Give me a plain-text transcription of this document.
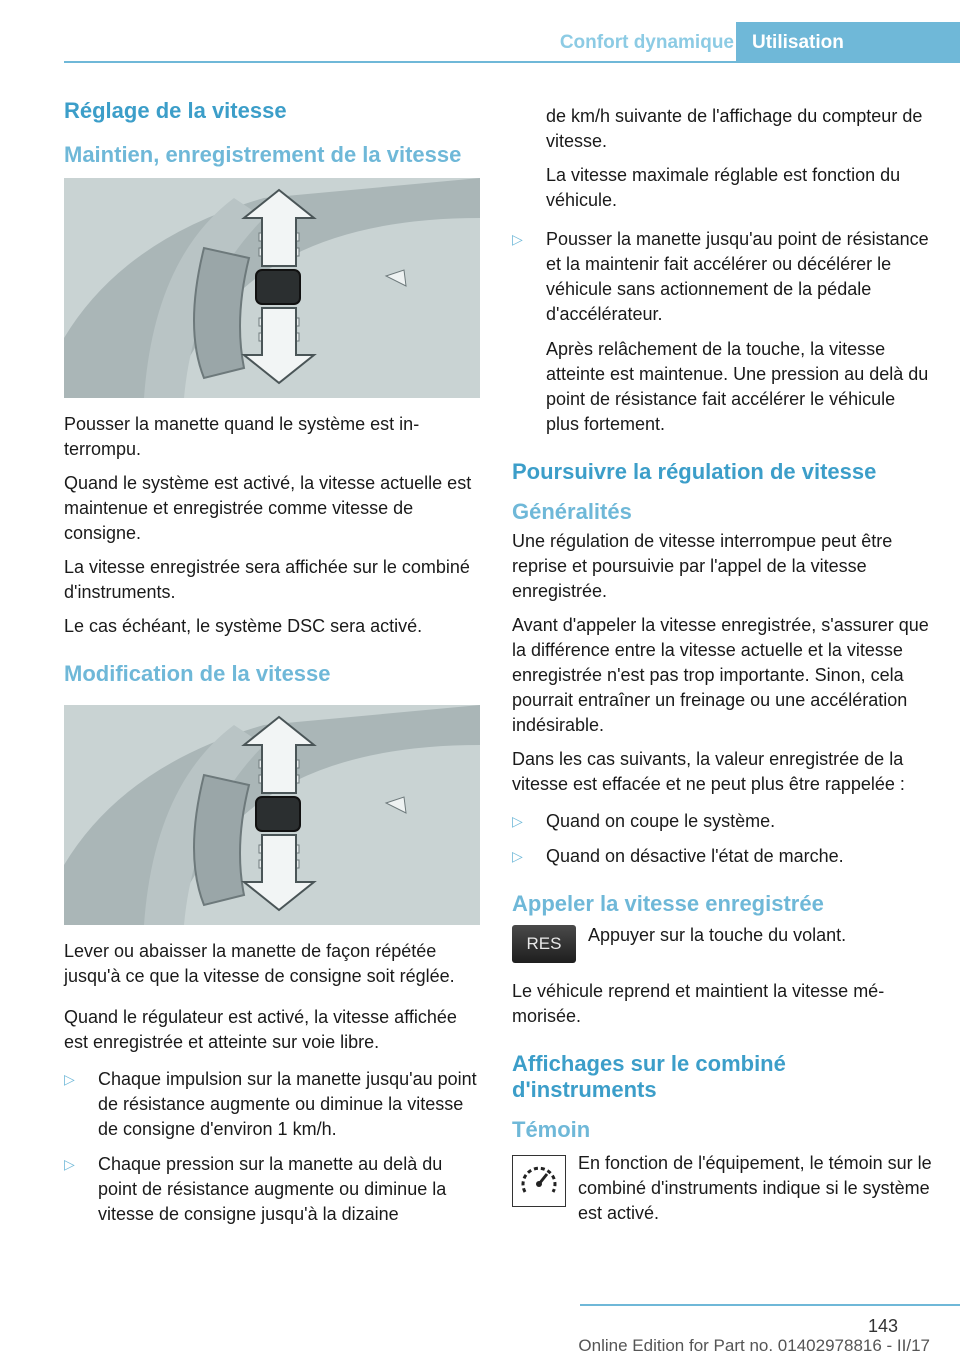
Confort dynamique Utilisation
Réglage de la vitesse
Maintien, enregistrement de la vitesse

Pousser la manette quand le système est interrompu.

Quand le système est activé, la vitesse actuelle est maintenue et enregistrée comme vitesse de consigne.

La vitesse enregistrée sera affichée sur le combiné d'instruments.

Le cas échéant, le système DSC sera activé.

Modification de la vitesse

Lever ou abaisser la manette de façon répétée jusqu'à ce que la vitesse de consigne soit réglée.

Quand le régulateur est activé, la vitesse affichée est enregistrée et atteinte sur voie libre.

▷ Chaque impulsion sur la manette jusqu'au point de résistance augmente ou diminue la vitesse de consigne d'environ 1 km/h.
▷ Chaque pression sur la manette au delà du point de résistance augmente ou diminue la vitesse de consigne jusqu'à la dizaine

de km/h suivante de l'affichage du compteur de vitesse.

La vitesse maximale réglable est fonction du véhicule.

▷ Pousser la manette jusqu'au point de résistance et la maintenir fait accélérer ou décélérer le véhicule sans actionnement de la pédale d'accélérateur.

Après relâchement de la touche, la vitesse atteinte est maintenue. Une pression au delà du point de résistance fait accélérer le véhicule plus fortement.

Poursuivre la régulation de vitesse
Généralités

Une régulation de vitesse interrompue peut être reprise et poursuivie par l'appel de la vitesse enregistrée.

Avant d'appeler la vitesse enregistrée, s'assurer que la différence entre la vitesse actuelle et la vitesse enregistrée n'est pas trop importante. Sinon, cela pourrait entraîner un freinage ou une accélération indésirable.

Dans les cas suivants, la valeur enregistrée de la vitesse est effacée et ne peut plus être rappelée :

▷ Quand on coupe le système.
▷ Quand on désactive l'état de marche.
Appeler la vitesse enregistrée
RES	Appuyer sur la touche du volant.

Le véhicule reprend et maintient la vitesse mémorisée.

Affichages sur le combiné d'instruments
Témoin

En fonction de l'équipement, le témoin sur le combiné d'instruments indique si le système est activé.

143
Online Edition for Part no. 01402978816 - II/17
